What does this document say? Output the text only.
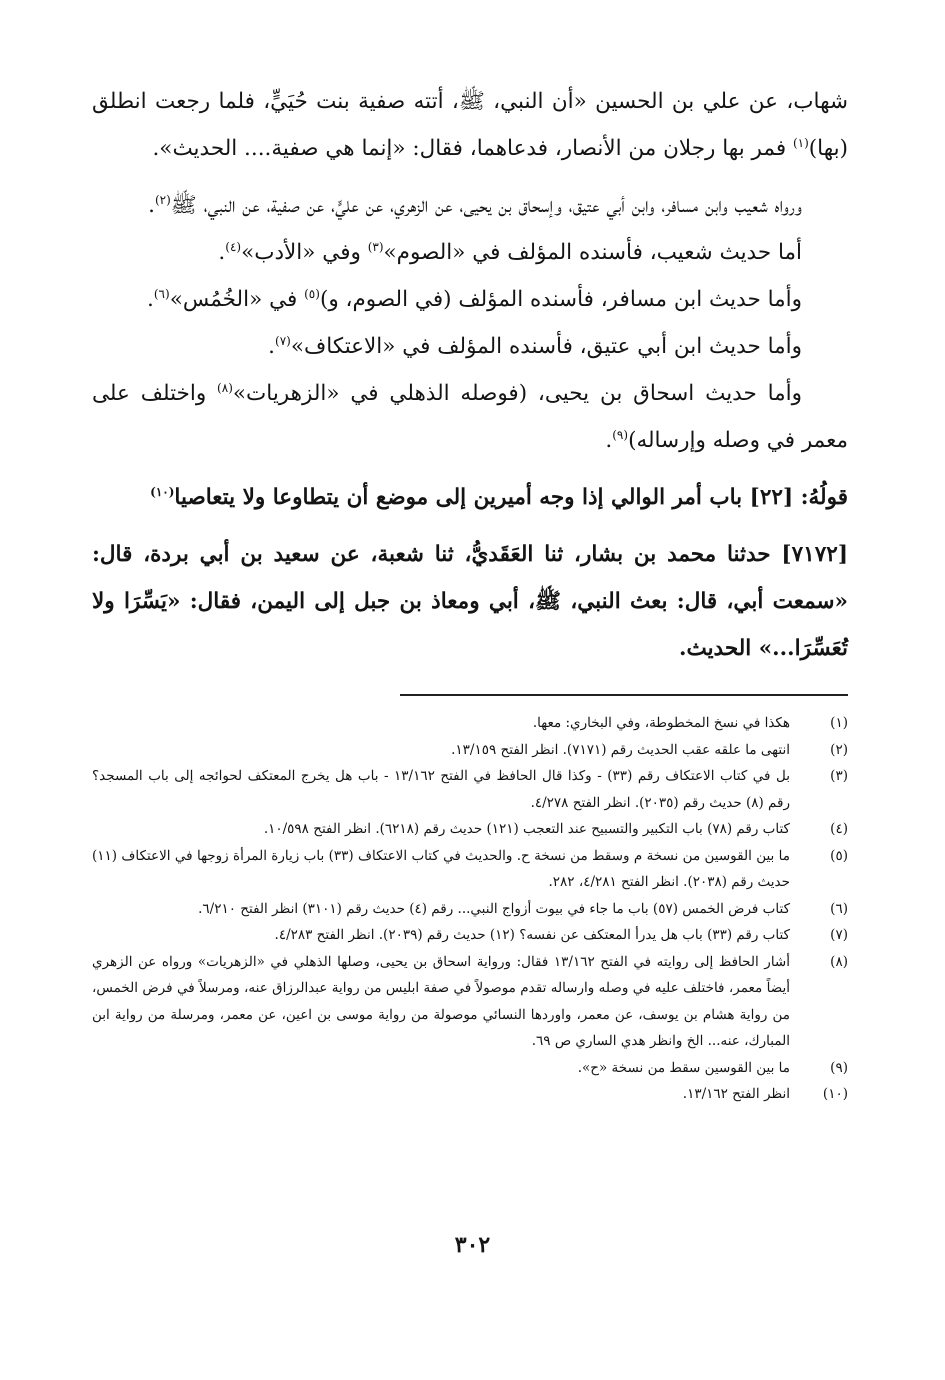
شهاب، عن علي بن الحسين «أن النبي، ﷺ، أتته صفية بنت حُيَيٍّ، فلما رجعت انطلق (بها)$^{(١)}$ فمر بها رجلان من الأنصار، فدعاهما، فقال: «إنما هي صفية.... الحديث».

ورواه شعيب وابن مسافر، وابن أبي عتيق، وإسحاق بن يحيى، عن الزهري، عن عليٍّ، عن صفية، عن النبي، ﷺ$^{(٢)}$.

أما حديث شعيب، فأسنده المؤلف في «الصوم»$^{(٣)}$ وفي «الأدب»$^{(٤)}$.

وأما حديث ابن مسافر، فأسنده المؤلف (في الصوم، و)$^{(٥)}$ في «الخُمُس»$^{(٦)}$.

وأما حديث ابن أبي عتيق، فأسنده المؤلف في «الاعتكاف»$^{(٧)}$.

وأما حديث اسحاق بن يحيى، (فوصله الذهلي في «الزهريات»$^{(٨)}$ واختلف على معمر في وصله وإرساله)$^{(٩)}$.

قولُهُ: [٢٢] باب أمر الوالي إذا وجه أميرين إلى موضع أن يتطاوعا ولا يتعاصيا$^{(١٠)}$

[٧١٧٢] حدثنا محمد بن بشار، ثنا العَقَديُّ، ثنا شعبة، عن سعيد بن أبي بردة، قال: «سمعت أبي، قال: بعث النبي، ﷺ، أبي ومعاذ بن جبل إلى اليمن، فقال: «يَسِّرَا ولا تُعَسِّرَا...» الحديث.

(١)
هكذا في نسخ المخطوطة، وفي البخاري: معها.
(٢)
انتهى ما علقه عقب الحديث رقم (٧١٧١). انظر الفتح ١٣/١٥٩.
(٣)
بل في كتاب الاعتكاف رقم (٣٣) - وكذا قال الحافظ في الفتح ١٣/١٦٢ - باب هل يخرج المعتكف لحوائجه إلى باب المسجد؟ رقم (٨) حديث رقم (٢٠٣٥). انظر الفتح ٤/٢٧٨.
(٤)
كتاب رقم (٧٨) باب التكبير والتسبيح عند التعجب (١٢١) حديث رقم (٦٢١٨). انظر الفتح ١٠/٥٩٨.
(٥)
ما بين القوسين من نسخة م وسقط من نسخة ح. والحديث في كتاب الاعتكاف (٣٣) باب زيارة المرأة زوجها في الاعتكاف (١١) حديث رقم (٢٠٣٨). انظر الفتح ٤/٢٨١، ٢٨٢.
(٦)
كتاب فرض الخمس (٥٧) باب ما جاء في بيوت أزواج النبي... رقم (٤) حديث رقم (٣١٠١) انظر الفتح ٦/٢١٠.
(٧)
كتاب رقم (٣٣) باب هل يدرأ المعتكف عن نفسه؟ (١٢) حديث رقم (٢٠٣٩). انظر الفتح ٤/٢٨٣.
(٨)
أشار الحافظ إلى روايته في الفتح ١٣/١٦٢ فقال: ورواية اسحاق بن يحيى، وصلها الذهلي في «الزهريات» ورواه عن الزهري أيضاً معمر، فاختلف عليه في وصله وارساله تقدم موصولاً في صفة ابليس من رواية عبدالرزاق عنه، ومرسلاً في فرض الخمس، من رواية هشام بن يوسف، عن معمر، واوردها النسائي موصولة من رواية موسى بن اعين، عن معمر، ومرسلة من رواية ابن المبارك، عنه... الخ وانظر هدي الساري ص ٦٩.
(٩)
ما بين القوسين سقط من نسخة «ح».
(١٠)
انظر الفتح ١٣/١٦٢.
٣٠٢
